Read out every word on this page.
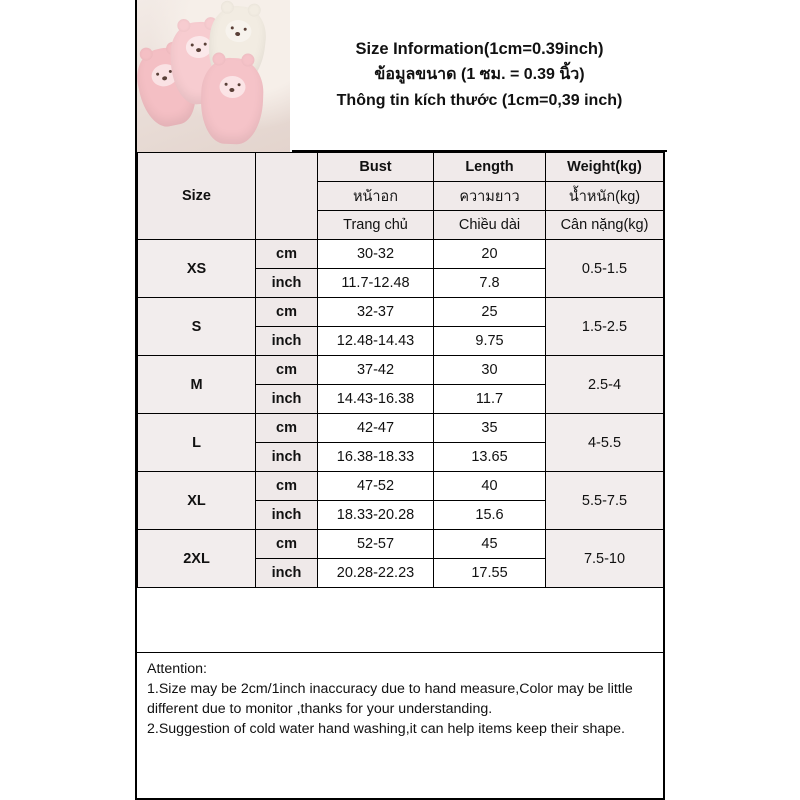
Size Information(1cm=0.39inch)
ข้อมูลขนาด (1 ซม. = 0.39 นิ้ว)
Thông tin kích thước (1cm=0,39 inch)
Size		Bust	Length	Weight(kg)
		หน้าอก	ความยาว	น้ำหนัก(kg)
		Trang chủ	Chiều dài	Cân nặng(kg)
XS	cm	30-32	20	0.5-1.5
	inch	11.7-12.48	7.8	
S	cm	32-37	25	1.5-2.5
	inch	12.48-14.43	9.75	
M	cm	37-42	30	2.5-4
	inch	14.43-16.38	11.7	
L	cm	42-47	35	4-5.5
	inch	16.38-18.33	13.65	
XL	cm	47-52	40	5.5-7.5
	inch	18.33-20.28	15.6	
2XL	cm	52-57	45	7.5-10
	inch	20.28-22.23	17.55	

Attention:

1.Size may be 2cm/1inch inaccuracy due to hand measure,Color may be little different due to monitor ,thanks for your understanding.

2.Suggestion of cold water hand washing,it can help items keep their shape.
